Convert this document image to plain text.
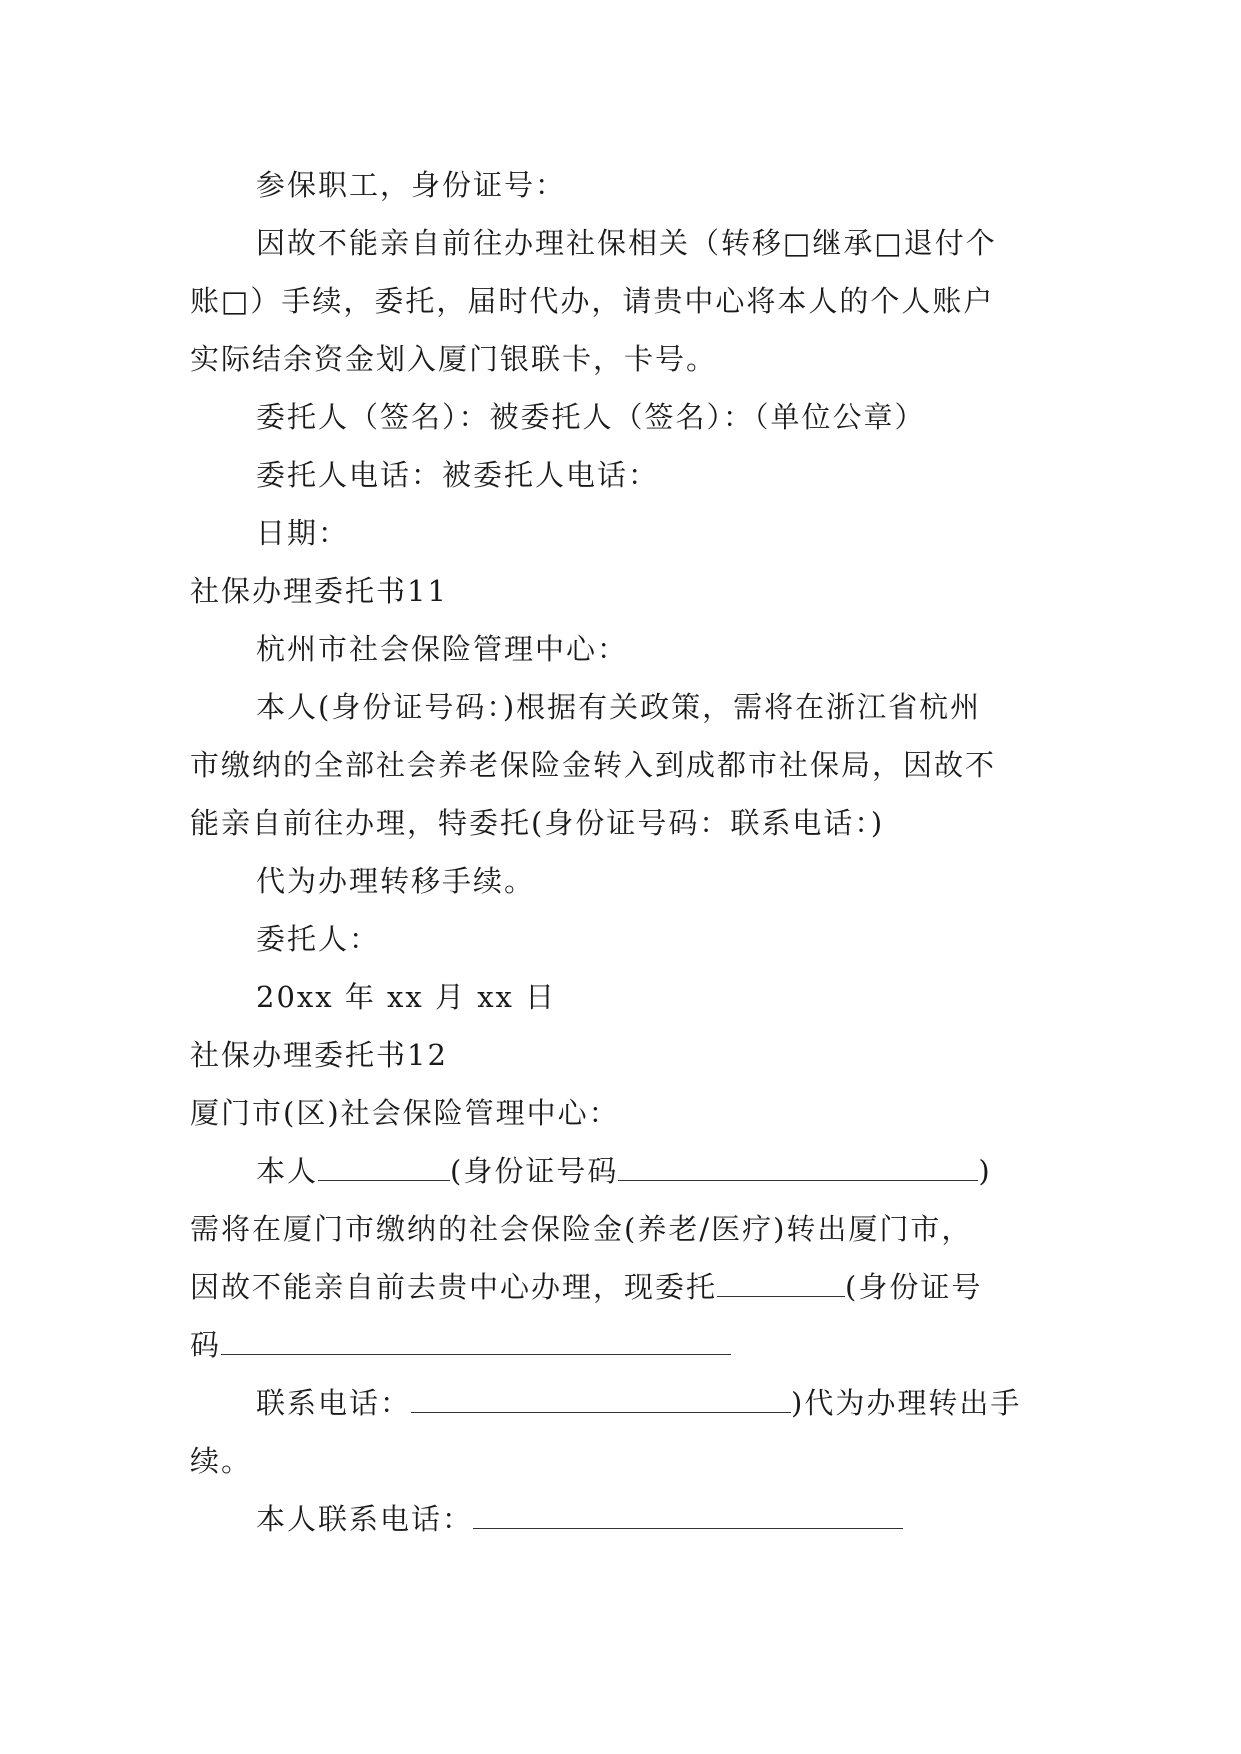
参保职工，身份证号：
因故不能亲自前往办理社保相关（转移□继承□退付个
账□）手续，委托，届时代办，请贵中心将本人的个人账户
实际结余资金划入厦门银联卡，卡号。
委托人（签名）：被委托人（签名）：（单位公章）
委托人电话：被委托人电话：
日期：
社保办理委托书11
杭州市社会保险管理中心：
本人(身份证号码：)根据有关政策，需将在浙江省杭州
市缴纳的全部社会养老保险金转入到成都市社保局，因故不
能亲自前往办理，特委托(身份证号码：联系电话：)
代为办理转移手续。
委托人：
20xx 年 xx 月 xx 日
社保办理委托书12
厦门市(区)社会保险管理中心：
本人	(身份证号码	)
需将在厦门市缴纳的社会保险金(养老/医疗)转出厦门市，
因故不能亲自前去贵中心办理，现委托	(身份证号
码
联系电话：	)代为办理转出手
续。
本人联系电话：
